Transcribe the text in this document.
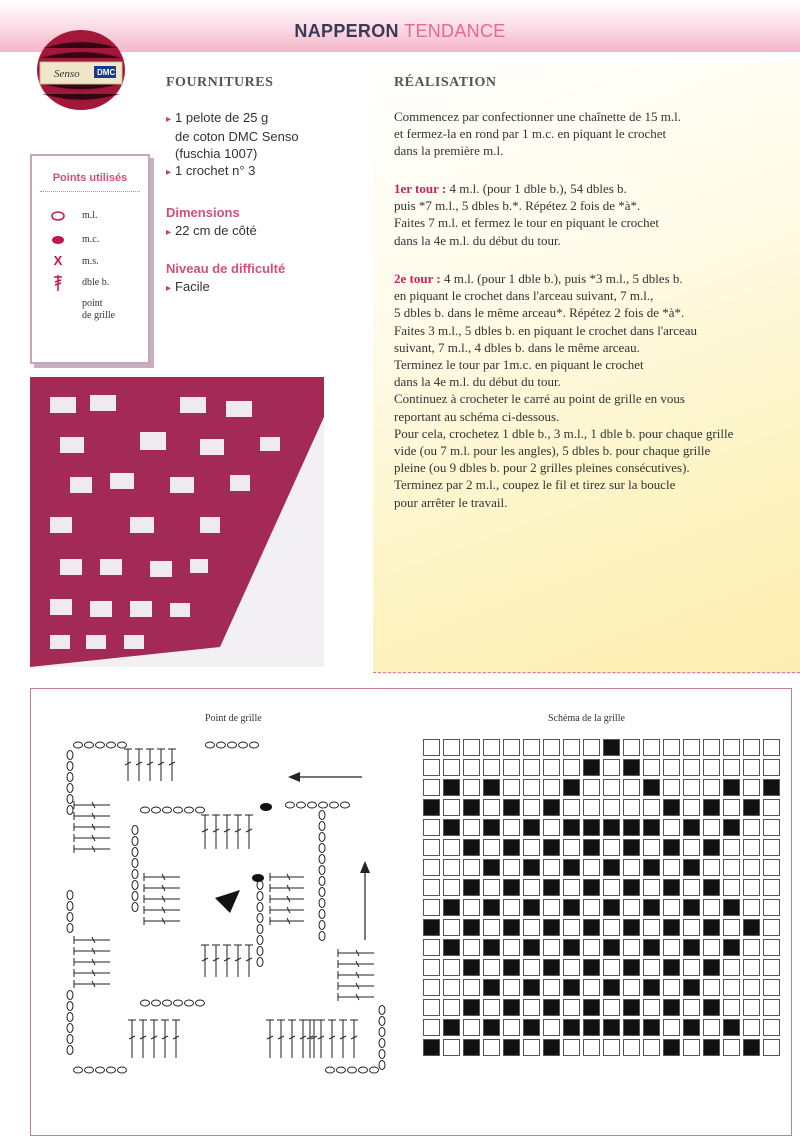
NAPPERON TENDANCE
Senso DMC
FOURNITURES
▸ 1 pelote de 25 g
de coton DMC Senso
(fuschia 1007)
▸ 1 crochet n° 3
Dimensions
▸ 22 cm de côté
Niveau de difficulté
▸ Facile
Points utilisés
m.l.
m.c.
X	m.s.
dble b.
point
de grille
RÉALISATION

Commencez par confectionner une chaînette de 15 m.l.

et fermez-la en rond par 1 m.c. en piquant le crochet

dans la première m.l.

1er tour : 4 m.l. (pour 1 dble b.), 54 dbles b.

puis *7 m.l., 5 dbles b.*. Répétez 2 fois de *à*.

Faites 7 m.l. et fermez le tour en piquant le crochet

dans la 4e m.l. du début du tour.

2e tour : 4 m.l. (pour 1 dble b.), puis *3 m.l., 5 dbles b.

en piquant le crochet dans l'arceau suivant, 7 m.l.,

5 dbles b. dans le même arceau*. Répétez 2 fois de *à*.

Faites 3 m.l., 5 dbles b. en piquant le crochet dans l'arceau

suivant, 7 m.l., 4 dbles b. dans le même arceau.

Terminez le tour par 1m.c. en piquant le crochet

dans la 4e m.l. du début du tour.

Continuez à crocheter le carré au point de grille en vous

reportant au schéma ci-dessous.

Pour cela, crochetez 1 dble b., 3 m.l., 1 dble b. pour chaque grille

vide (ou 7 m.l. pour les angles), 5 dbles b. pour chaque grille

pleine (ou 9 dbles b. pour 2 grilles pleines consécutives).

Terminez par 2 m.l., coupez le fil et tirez sur la boucle

pour arrêter le travail.

Point de grille	Schéma de la grille
